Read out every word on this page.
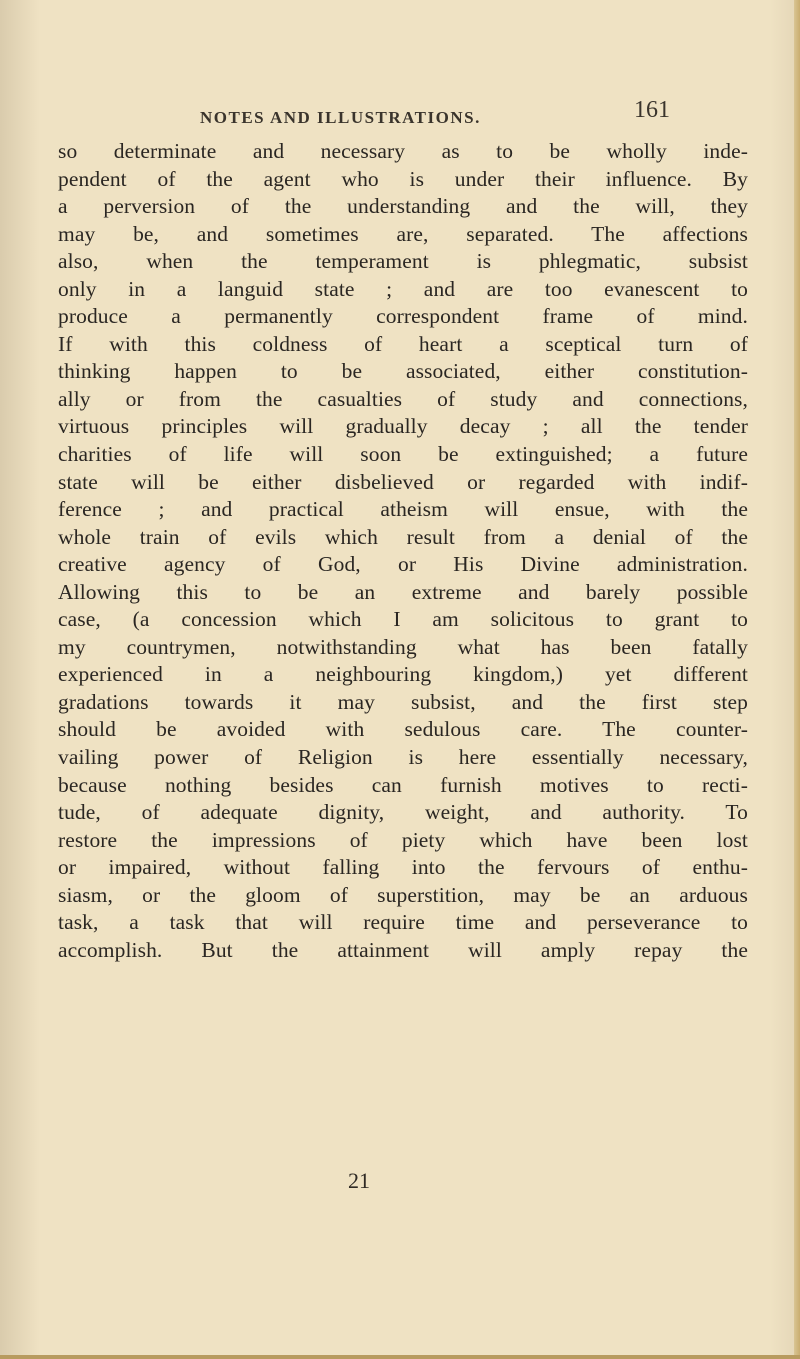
NOTES AND ILLUSTRATIONS.	161
so determinate and necessary as to be wholly inde-
pendent of the agent who is under their influence. By
a perversion of the understanding and the will, they
may be, and sometimes are, separated. The affections
also, when the temperament is phlegmatic, subsist
only in a languid state ; and are too evanescent to
produce a permanently correspondent frame of mind.
If with this coldness of heart a sceptical turn of
thinking happen to be associated, either constitution-
ally or from the casualties of study and connections,
virtuous principles will gradually decay ; all the tender
charities of life will soon be extinguished; a future
state will be either disbelieved or regarded with indif-
ference ; and practical atheism will ensue, with the
whole train of evils which result from a denial of the
creative agency of God, or His Divine administration.
Allowing this to be an extreme and barely possible
case, (a concession which I am solicitous to grant to
my countrymen, notwithstanding what has been fatally
experienced in a neighbouring kingdom,) yet different
gradations towards it may subsist, and the first step
should be avoided with sedulous care. The counter-
vailing power of Religion is here essentially necessary,
because nothing besides can furnish motives to recti-
tude, of adequate dignity, weight, and authority. To
restore the impressions of piety which have been lost
or impaired, without falling into the fervours of enthu-
siasm, or the gloom of superstition, may be an arduous
task, a task that will require time and perseverance to
accomplish. But the attainment will amply repay the
21
